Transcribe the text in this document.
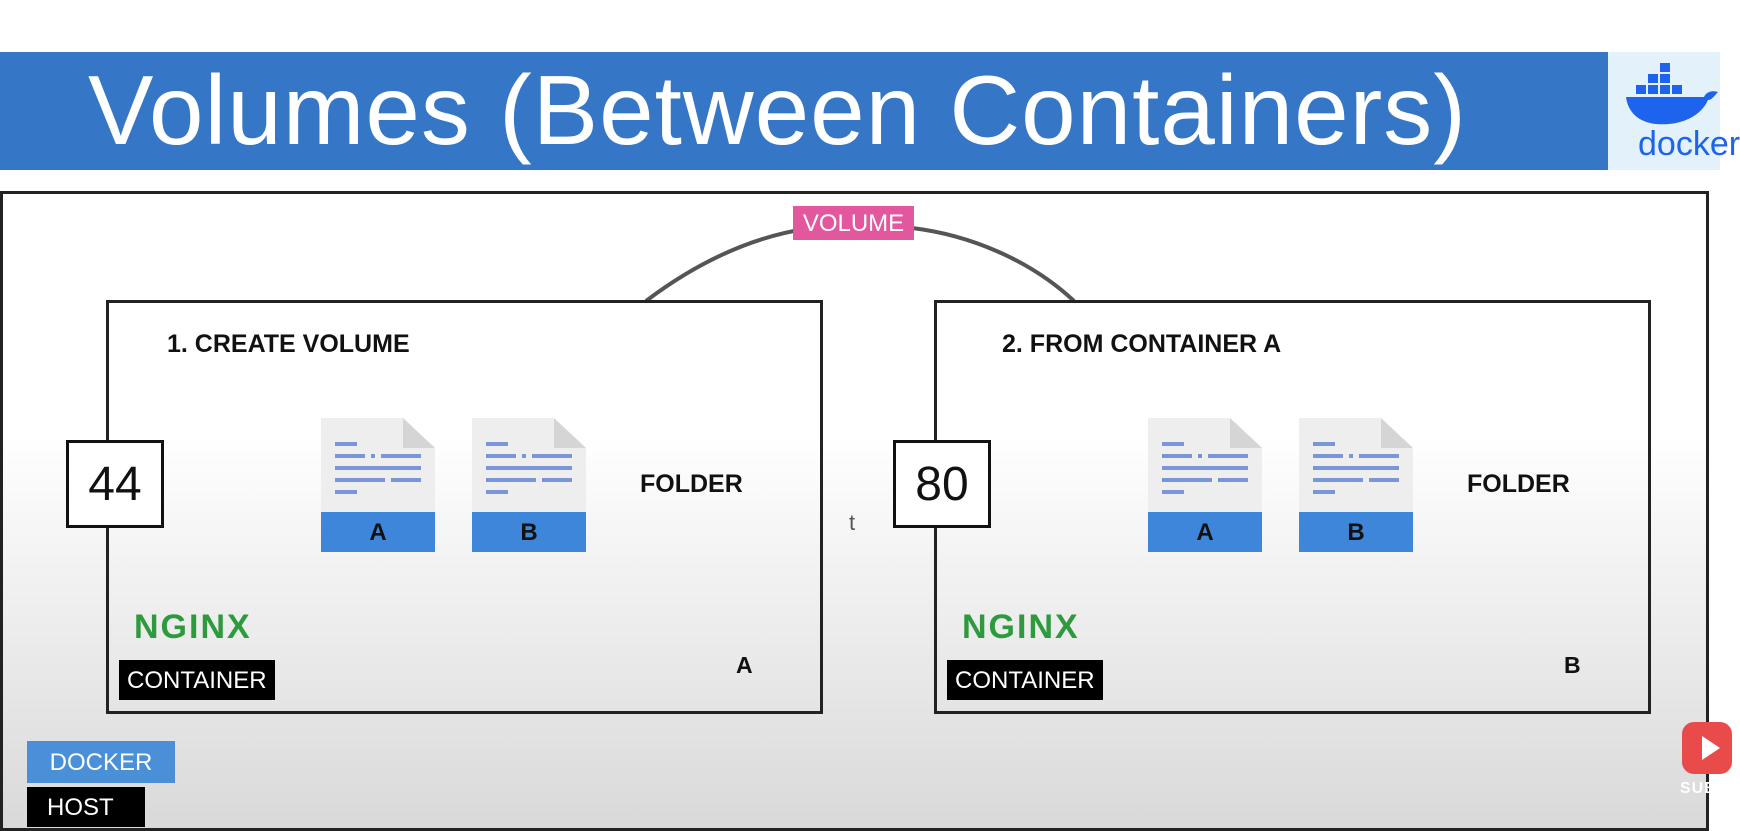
Volumes (Between Containers)	docker
VOLUME
1. CREATE VOLUME
44
A	B
FOLDER
NGINX
CONTAINER
A
t
2. FROM CONTAINER A
80
A	B
FOLDER
NGINX
CONTAINER
B
DOCKER
HOST
SUBS
